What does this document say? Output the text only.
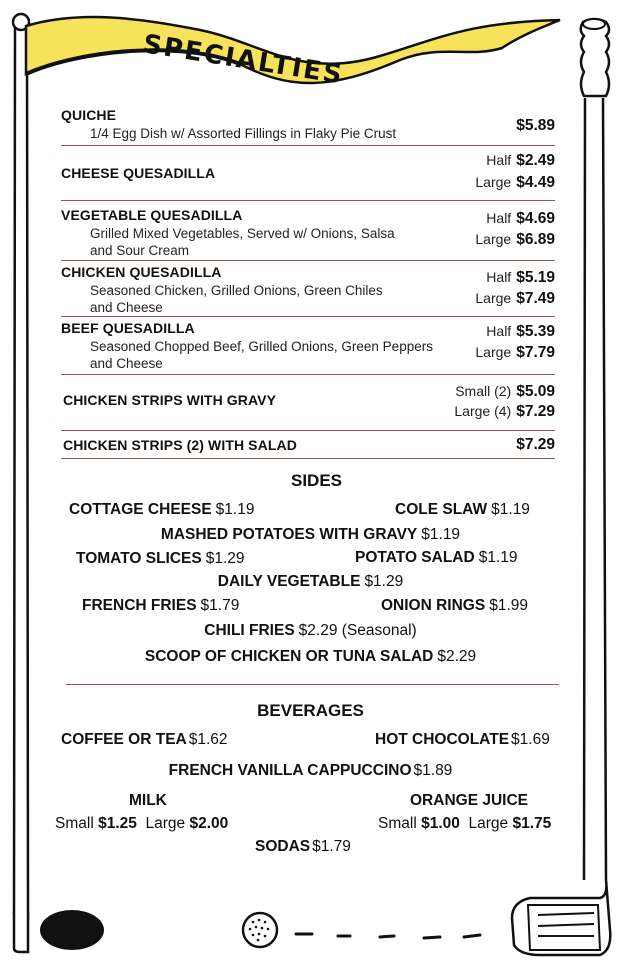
SPECIALTIES
QUICHE
1/4 Egg Dish w/ Assorted Fillings in Flaky Pie Crust	$5.89
CHEESE QUESADILLA
Half $2.49
Large $4.49
VEGETABLE QUESADILLA
Grilled Mixed Vegetables, Served w/ Onions, Salsa
and Sour Cream
Half $4.69
Large $6.89
CHICKEN QUESADILLA
Seasoned Chicken, Grilled Onions, Green Chiles
and Cheese
Half $5.19
Large $7.49
BEEF QUESADILLA
Seasoned Chopped Beef, Grilled Onions, Green Peppers
and Cheese
Half $5.39
Large $7.79
CHICKEN STRIPS WITH GRAVY
Small (2) $5.09
Large (4) $7.29
CHICKEN STRIPS (2) WITH SALAD	$7.29
SIDES
COTTAGE CHEESE $1.19	COLE SLAW $1.19
MASHED POTATOES WITH GRAVY $1.19
TOMATO SLICES $1.29	POTATO SALAD $1.19
DAILY VEGETABLE $1.29
FRENCH FRIES $1.79	ONION RINGS $1.99
CHILI FRIES $2.29 (Seasonal)
SCOOP OF CHICKEN OR TUNA SALAD $2.29
BEVERAGES
COFFEE OR TEA $1.62	HOT CHOCOLATE $1.69
FRENCH VANILLA CAPPUCCINO $1.89
MILK
Small $1.25 Large $2.00
ORANGE JUICE
Small $1.00 Large $1.75
SODAS $1.79
